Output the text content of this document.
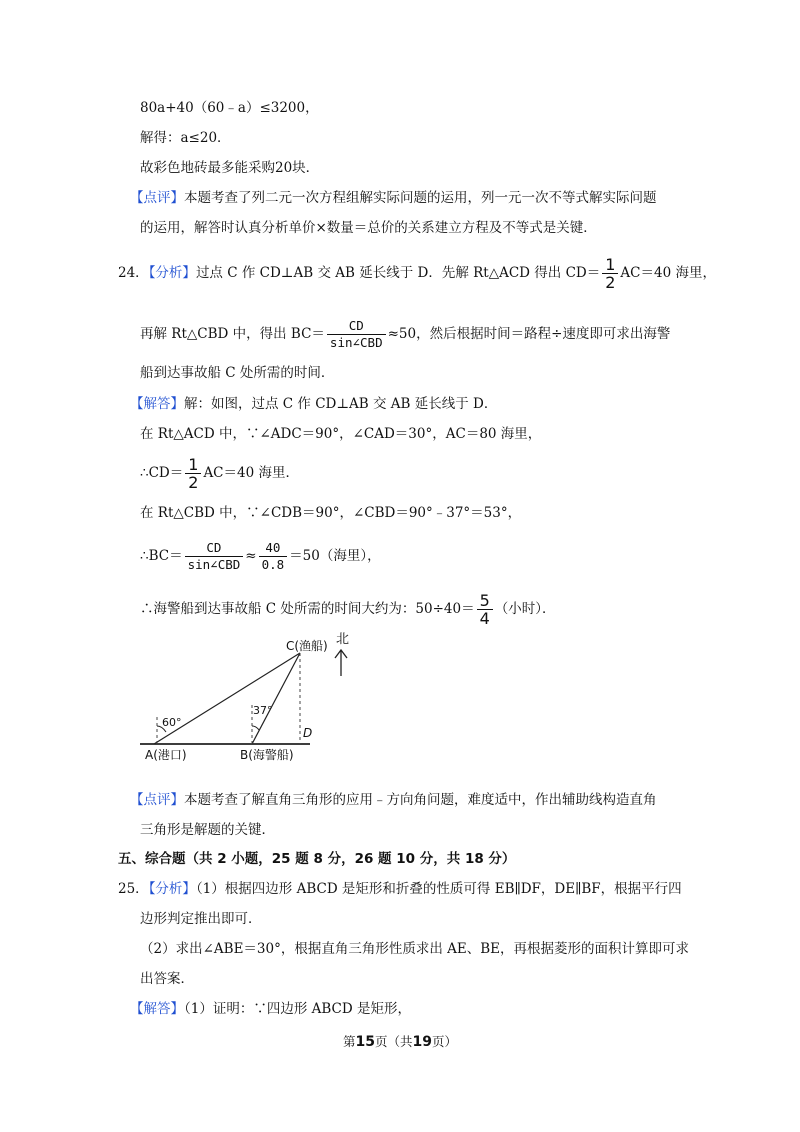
80a+40（60﹣a）≤3200，
解得：a≤20．
故彩色地砖最多能采购20块．
【点评】本题考查了列二元一次方程组解实际问题的运用，列一元一次不等式解实际问题
的运用，解答时认真分析单价×数量＝总价的关系建立方程及不等式是关键．
24．【分析】过点 C 作 CD⊥AB 交 AB 延长线于 D．先解 Rt△ACD 得出 $CD= \frac{1}{2} AC=40$ 海里，
再解 Rt△CBD 中，得出 $BC= \frac{CD}{\text{sin∠CBD}} \approx 50$，然后根据时间＝路程÷速度即可求出海警
船到达事故船 C 处所需的时间．
【解答】解：如图，过点 C 作 CD⊥AB 交 AB 延长线于 D．
在 Rt△ACD 中，∵∠ADC＝90°，∠CAD＝30°，AC＝80 海里，
∴CD＝ $\frac{1}{2} AC=40$ 海里．
在 Rt△CBD 中，∵∠CDB＝90°，∠CBD＝90°﹣37°＝53°，
∴BC＝ $\frac{CD}{\text{sin∠CBD}} \approx \frac{40}{0.8} =50$（海里），
∴海警船到达事故船 C 处所需的时间大约为：$50\div 40= \frac{5}{4}$ （小时）．
C(渔船) 北
60°
37°
D
A(港口)	B(海警船)
【点评】本题考查了解直角三角形的应用﹣方向角问题，难度适中，作出辅助线构造直角
三角形是解题的关键．
五、综合题（共 2 小题，25 题 8 分，26 题 10 分，共 18 分）
25．【分析】（1）根据四边形 ABCD 是矩形和折叠的性质可得 EB∥DF，DE∥BF，根据平行四
边形判定推出即可．
（2）求出∠ABE＝30°，根据直角三角形性质求出 AE、BE，再根据菱形的面积计算即可求
出答案．
【解答】（1）证明：∵四边形 ABCD 是矩形，
第15页（共19页）
